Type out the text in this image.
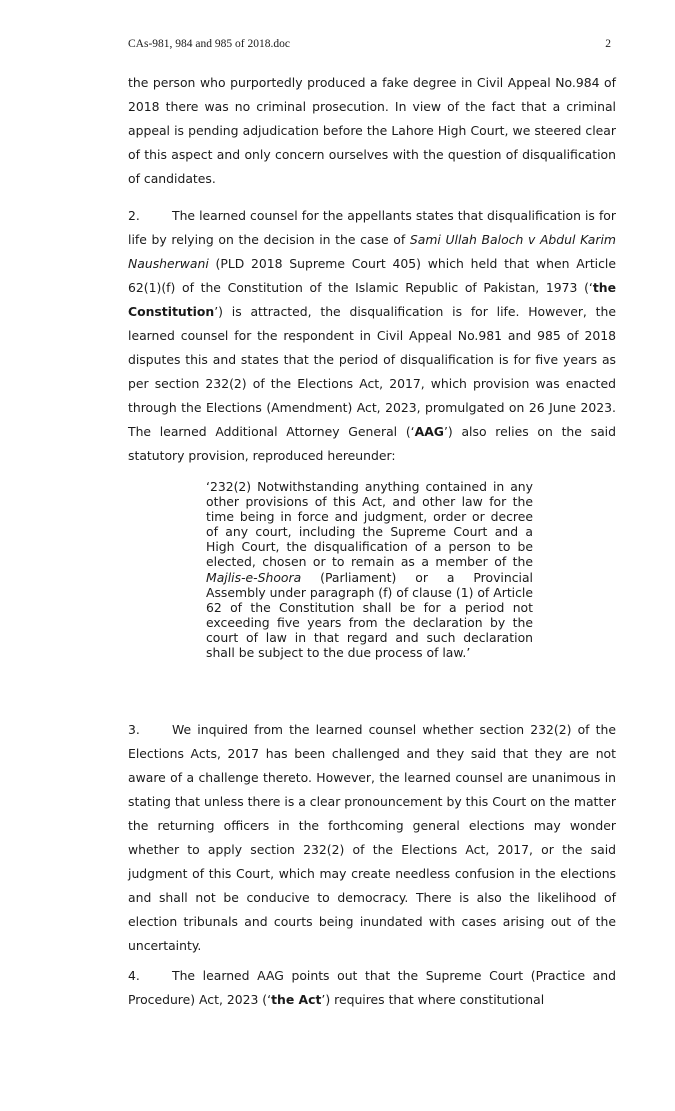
CAs-981, 984 and 985 of 2018.doc	2

the person who purportedly produced a fake degree in Civil Appeal No.984 of 2018 there was no criminal prosecution. In view of the fact that a criminal appeal is pending adjudication before the Lahore High Court, we steered clear of this aspect and only concern ourselves with the question of disqualification of candidates.

2.	The learned counsel for the appellants states that disqualification is for life by relying on the decision in the case of Sami Ullah Baloch v Abdul Karim Nausherwani (PLD 2018 Supreme Court 405) which held that when Article 62(1)(f) of the Constitution of the Islamic Republic of Pakistan, 1973 (‘the Constitution’) is attracted, the disqualification is for life. However, the learned counsel for the respondent in Civil Appeal No.981 and 985 of 2018 disputes this and states that the period of disqualification is for five years as per section 232(2) of the Elections Act, 2017, which provision was enacted through the Elections (Amendment) Act, 2023, promulgated on 26 June 2023. The learned Additional Attorney General (‘AAG’) also relies on the said statutory provision, reproduced hereunder:

‘232(2) Notwithstanding anything contained in any other provisions of this Act, and other law for the time being in force and judgment, order or decree of any court, including the Supreme Court and a High Court, the disqualification of a person to be elected, chosen or to remain as a member of the Majlis-e-Shoora (Parliament) or a Provincial Assembly under paragraph (f) of clause (1) of Article 62 of the Constitution shall be for a period not exceeding five years from the declaration by the court of law in that regard and such declaration shall be subject to the due process of law.’

3.	We inquired from the learned counsel whether section 232(2) of the Elections Acts, 2017 has been challenged and they said that they are not aware of a challenge thereto. However, the learned counsel are unanimous in stating that unless there is a clear pronouncement by this Court on the matter the returning officers in the forthcoming general elections may wonder whether to apply section 232(2) of the Elections Act, 2017, or the said judgment of this Court, which may create needless confusion in the elections and shall not be conducive to democracy. There is also the likelihood of election tribunals and courts being inundated with cases arising out of the uncertainty.

4.	The learned AAG points out that the Supreme Court (Practice and Procedure) Act, 2023 (‘the Act’) requires that where constitutional
